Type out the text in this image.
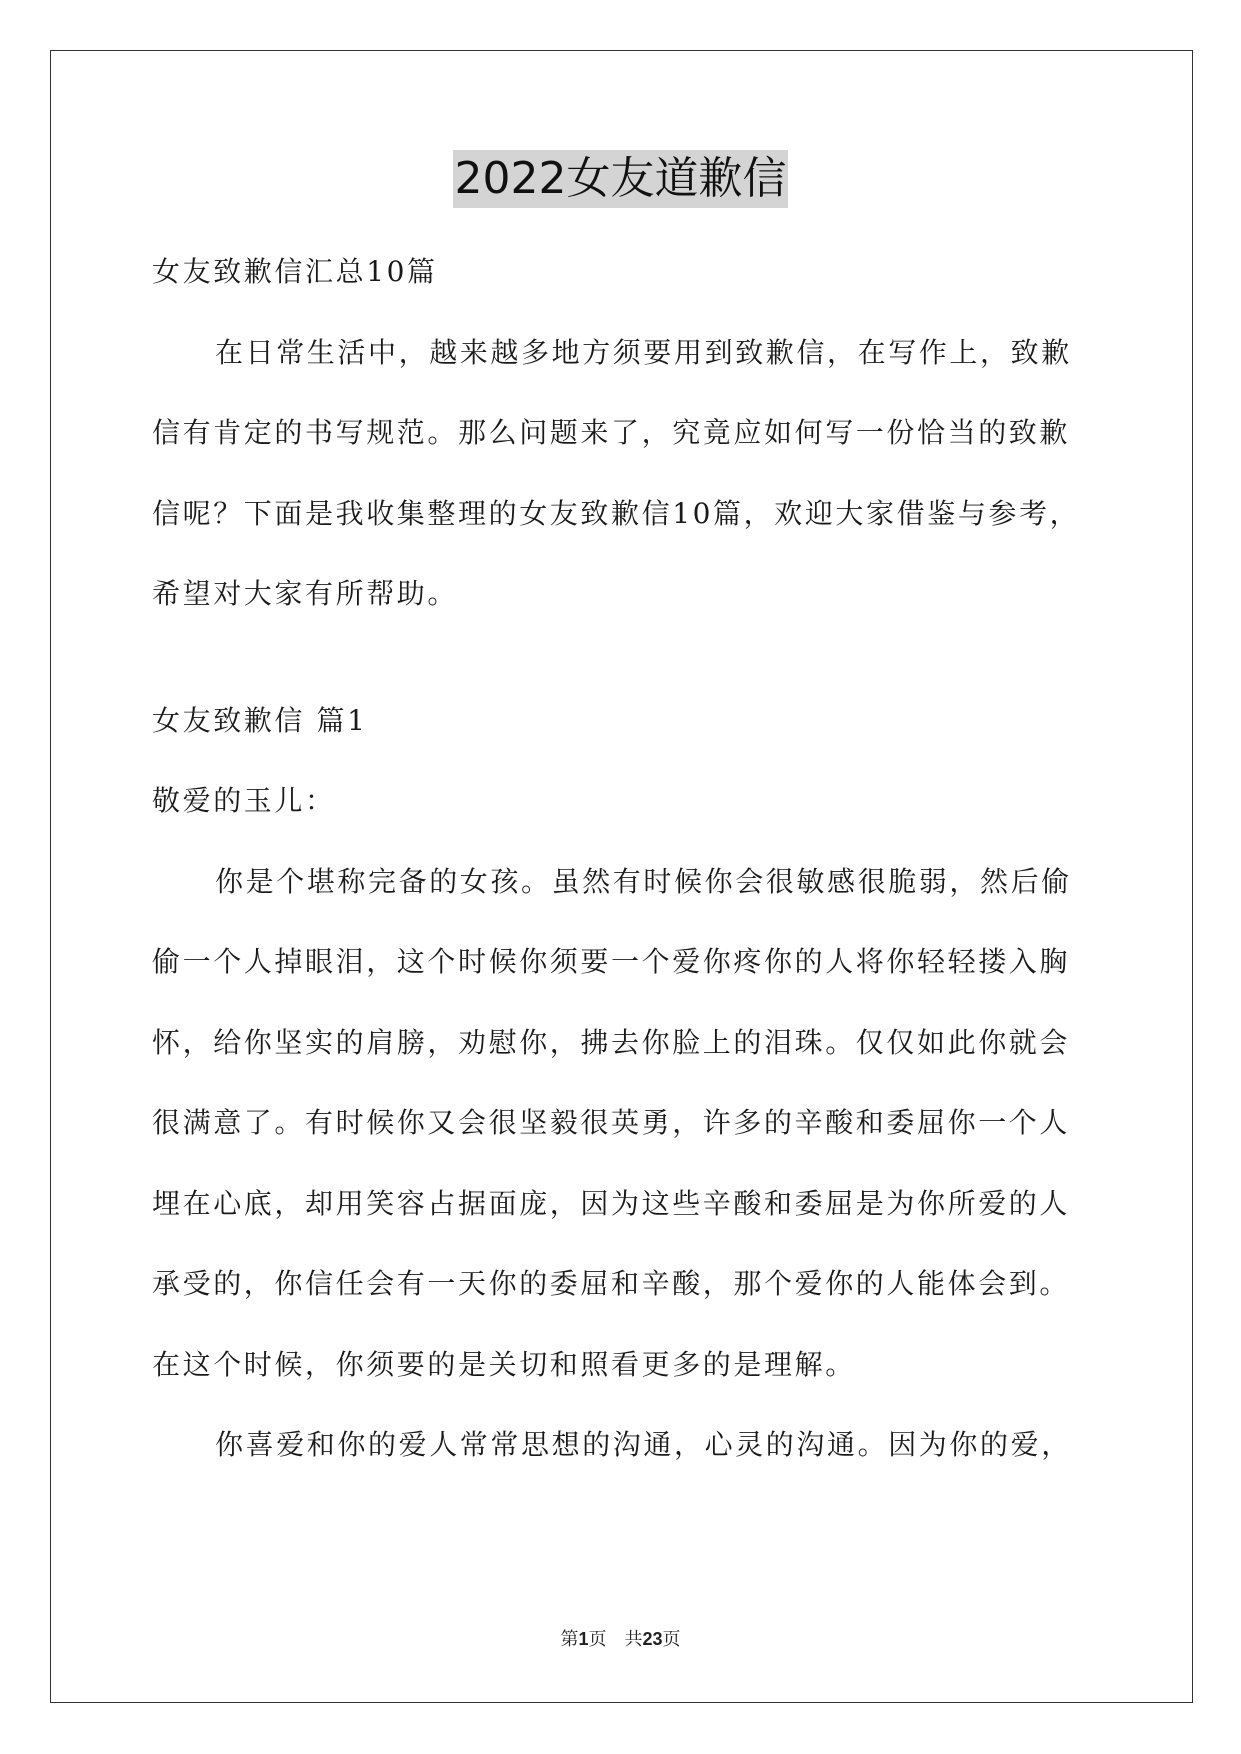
2022女友道歉信
女友致歉信汇总10篇
在日常生活中，越来越多地方须要用到致歉信，在写作上，致歉
信有肯定的书写规范。那么问题来了，究竟应如何写一份恰当的致歉
信呢？下面是我收集整理的女友致歉信10篇，欢迎大家借鉴与参考，
希望对大家有所帮助。
女友致歉信 篇1
敬爱的玉儿：
你是个堪称完备的女孩。虽然有时候你会很敏感很脆弱，然后偷
偷一个人掉眼泪，这个时候你须要一个爱你疼你的人将你轻轻搂入胸
怀，给你坚实的肩膀，劝慰你，拂去你脸上的泪珠。仅仅如此你就会
很满意了。有时候你又会很坚毅很英勇，许多的辛酸和委屈你一个人
埋在心底，却用笑容占据面庞，因为这些辛酸和委屈是为你所爱的人
承受的，你信任会有一天你的委屈和辛酸，那个爱你的人能体会到。
在这个时候，你须要的是关切和照看更多的是理解。
你喜爱和你的爱人常常思想的沟通，心灵的沟通。因为你的爱，
第1页　共23页
